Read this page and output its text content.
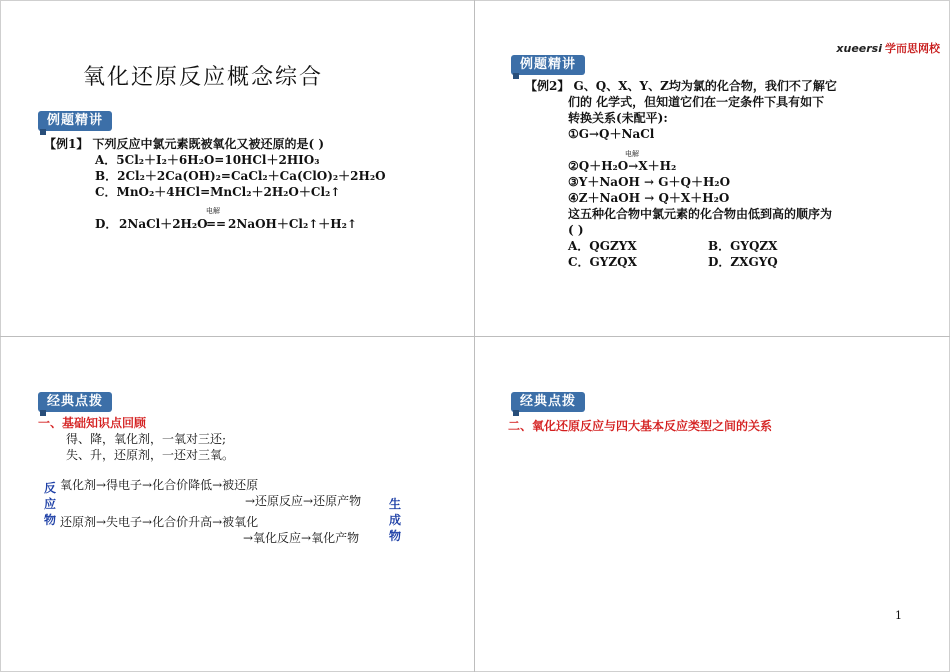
氧化还原反应概念综合
例题精讲
【例1】 下列反应中氯元素既被氧化又被还原的是( )
A．5Cl₂＋I₂＋6H₂O=10HCl＋2HIO₃
B．2Cl₂＋2Ca(OH)₂=CaCl₂＋Ca(ClO)₂＋2H₂O
C．MnO₂＋4HCl=MnCl₂＋2H₂O＋Cl₂↑
D． 2NaCl＋2H₂O
电解
== 2NaOH＋Cl₂↑＋H₂↑
xueersi 学而思网校
例题精讲
【例2】 G、Q、X、Y、Z均为氯的化合物，我们不了解它
们的 化学式，但知道它们在一定条件下具有如下
转换关系(未配平):
①G→Q＋NaCl
电解
②Q＋H₂O→X＋H₂
③Y＋NaOH → G＋Q＋H₂O
④Z＋NaOH → Q＋X＋H₂O
这五种化合物中氯元素的化合物由低到高的顺序为
( )
A．QGZYX	B．GYQZX
C．GYZQX	D．ZXGYQ
经典点拨
一、基础知识点回顾
得、降，氧化剂，一氧对三还;
失、升，还原剂，一还对三氧。
反
应
物
氧化剂→得电子→化合价降低→被还原
→还原反应→还原产物
还原剂→失电子→化合价升高→被氧化
→氧化反应→氧化产物
生
成
物
经典点拨
二、氧化还原反应与四大基本反应类型之间的关系
1
